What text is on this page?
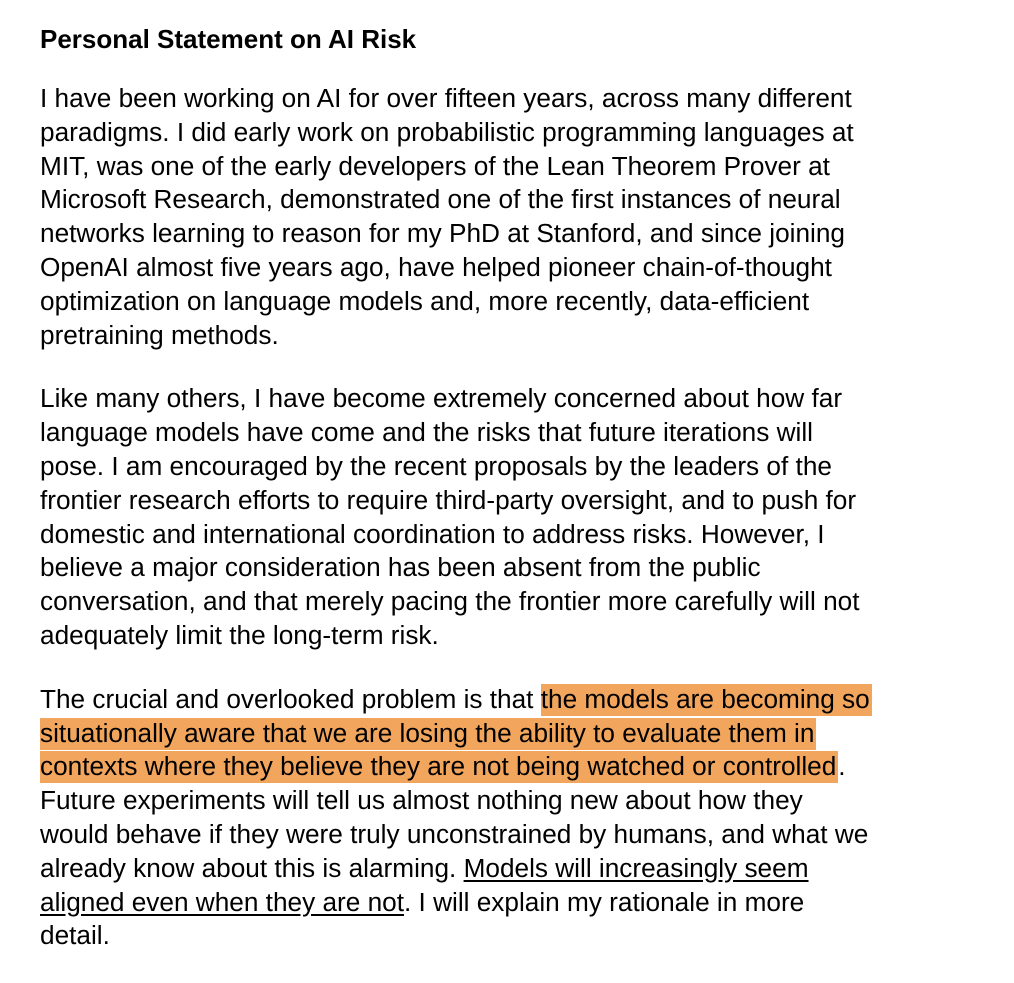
Personal Statement on AI Risk
I have been working on AI for over fifteen years, across many different
paradigms. I did early work on probabilistic programming languages at
MIT, was one of the early developers of the Lean Theorem Prover at
Microsoft Research, demonstrated one of the first instances of neural
networks learning to reason for my PhD at Stanford, and since joining
OpenAI almost five years ago, have helped pioneer chain-of-thought
optimization on language models and, more recently, data-efficient
pretraining methods.
Like many others, I have become extremely concerned about how far
language models have come and the risks that future iterations will
pose. I am encouraged by the recent proposals by the leaders of the
frontier research efforts to require third-party oversight, and to push for
domestic and international coordination to address risks. However, I
believe a major consideration has been absent from the public
conversation, and that merely pacing the frontier more carefully will not
adequately limit the long-term risk.
The crucial and overlooked problem is that the models are becoming so
situationally aware that we are losing the ability to evaluate them in
contexts where they believe they are not being watched or controlled.
Future experiments will tell us almost nothing new about how they
would behave if they were truly unconstrained by humans, and what we
already know about this is alarming. Models will increasingly seem
aligned even when they are not. I will explain my rationale in more
detail.
